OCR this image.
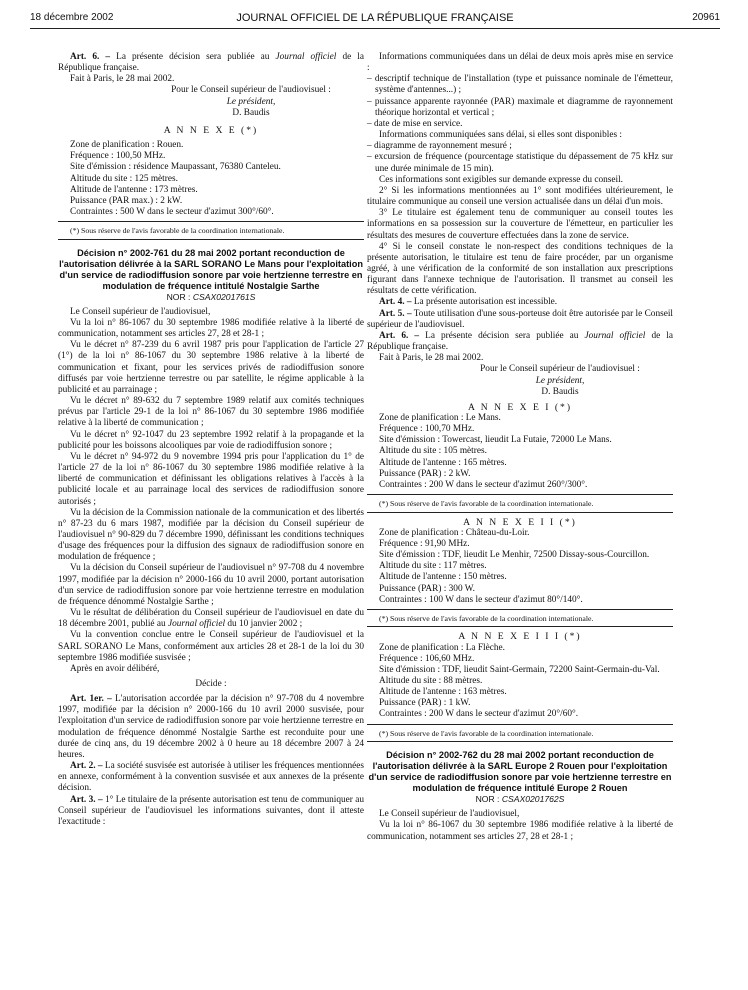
18 décembre 2002	JOURNAL OFFICIEL DE LA RÉPUBLIQUE FRANÇAISE	20961

Art. 6. – La présente décision sera publiée au Journal officiel de la République française.

Fait à Paris, le 28 mai 2002.

Pour le Conseil supérieur de l'audiovisuel :

Le président,

D. Baudis

A N N E X E (*)

Zone de planification : Rouen.

Fréquence : 100,50 MHz.

Site d'émission : résidence Maupassant, 76380 Canteleu.

Altitude du site : 125 mètres.

Altitude de l'antenne : 173 mètres.

Puissance (PAR max.) : 2 kW.

Contraintes : 500 W dans le secteur d'azimut 300°/60°.

(*) Sous réserve de l'avis favorable de la coordination internationale.

Décision n° 2002-761 du 28 mai 2002 portant reconduction de l'autorisation délivrée à la SARL SORANO Le Mans pour l'exploitation d'un service de radiodiffusion sonore par voie hertzienne terrestre en modulation de fréquence intitulé Nostalgie Sarthe

NOR : CSAX0201761S

Le Conseil supérieur de l'audiovisuel,

Vu la loi n° 86-1067 du 30 septembre 1986 modifiée relative à la liberté de communication, notamment ses articles 27, 28 et 28-1 ;

Vu le décret n° 87-239 du 6 avril 1987 pris pour l'application de l'article 27 (1°) de la loi n° 86-1067 du 30 septembre 1986 relative à la liberté de communication et fixant, pour les services privés de radiodiffusion sonore diffusés par voie hertzienne terrestre ou par satellite, le régime applicable à la publicité et au parrainage ;

Vu le décret n° 89-632 du 7 septembre 1989 relatif aux comités techniques prévus par l'article 29-1 de la loi n° 86-1067 du 30 septembre 1986 modifiée relative à la liberté de communication ;

Vu le décret n° 92-1047 du 23 septembre 1992 relatif à la propagande et la publicité pour les boissons alcooliques par voie de radiodiffusion sonore ;

Vu le décret n° 94-972 du 9 novembre 1994 pris pour l'application du 1° de l'article 27 de la loi n° 86-1067 du 30 septembre 1986 modifiée relative à la liberté de communication et définissant les obligations relatives à l'accès à la publicité locale et au parrainage local des services de radiodiffusion sonore autorisés ;

Vu la décision de la Commission nationale de la communication et des libertés n° 87-23 du 6 mars 1987, modifiée par la décision du Conseil supérieur de l'audiovisuel n° 90-829 du 7 décembre 1990, définissant les conditions techniques d'usage des fréquences pour la diffusion des signaux de radiodiffusion sonore en modulation de fréquence ;

Vu la décision du Conseil supérieur de l'audiovisuel n° 97-708 du 4 novembre 1997, modifiée par la décision n° 2000-166 du 10 avril 2000, portant autorisation d'un service de radiodiffusion sonore par voie hertzienne terrestre en modulation de fréquence dénommé Nostalgie Sarthe ;

Vu le résultat de délibération du Conseil supérieur de l'audiovisuel en date du 18 décembre 2001, publié au Journal officiel du 10 janvier 2002 ;

Vu la convention conclue entre le Conseil supérieur de l'audiovisuel et la SARL SORANO Le Mans, conformément aux articles 28 et 28-1 de la loi du 30 septembre 1986 modifiée susvisée ;

Après en avoir délibéré,

Décide :

Art. 1er. – L'autorisation accordée par la décision n° 97-708 du 4 novembre 1997, modifiée par la décision n° 2000-166 du 10 avril 2000 susvisée, pour l'exploitation d'un service de radiodiffusion sonore par voie hertzienne terrestre en modulation de fréquence dénommé Nostalgie Sarthe est reconduite pour une durée de cinq ans, du 19 décembre 2002 à 0 heure au 18 décembre 2007 à 24 heures.

Art. 2. – La société susvisée est autorisée à utiliser les fréquences mentionnées en annexe, conformément à la convention susvisée et aux annexes de la présente décision.

Art. 3. – 1° Le titulaire de la présente autorisation est tenu de communiquer au Conseil supérieur de l'audiovisuel les informations suivantes, dont il atteste l'exactitude :

Informations communiquées dans un délai de deux mois après mise en service :

– descriptif technique de l'installation (type et puissance nominale de l'émetteur, système d'antennes...) ;

– puissance apparente rayonnée (PAR) maximale et diagramme de rayonnement théorique horizontal et vertical ;

– date de mise en service.

Informations communiquées sans délai, si elles sont disponibles :

– diagramme de rayonnement mesuré ;

– excursion de fréquence (pourcentage statistique du dépassement de 75 kHz sur une durée minimale de 15 min).

Ces informations sont exigibles sur demande expresse du conseil.

2° Si les informations mentionnées au 1° sont modifiées ultérieurement, le titulaire communique au conseil une version actualisée dans un délai d'un mois.

3° Le titulaire est également tenu de communiquer au conseil toutes les informations en sa possession sur la couverture de l'émetteur, en particulier les résultats des mesures de couverture effectuées dans la zone de service.

4° Si le conseil constate le non-respect des conditions techniques de la présente autorisation, le titulaire est tenu de faire procéder, par un organisme agréé, à une vérification de la conformité de son installation aux prescriptions figurant dans l'annexe technique de l'autorisation. Il transmet au conseil les résultats de cette vérification.

Art. 4. – La présente autorisation est incessible.

Art. 5. – Toute utilisation d'une sous-porteuse doit être autorisée par le Conseil supérieur de l'audiovisuel.

Art. 6. – La présente décision sera publiée au Journal officiel de la République française.

Fait à Paris, le 28 mai 2002.

Pour le Conseil supérieur de l'audiovisuel :

Le président,

D. Baudis

A N N E X E I (*)

Zone de planification : Le Mans.

Fréquence : 100,70 MHz.

Site d'émission : Towercast, lieudit La Futaie, 72000 Le Mans.

Altitude du site : 105 mètres.

Altitude de l'antenne : 165 mètres.

Puissance (PAR) : 2 kW.

Contraintes : 200 W dans le secteur d'azimut 260°/300°.

(*) Sous réserve de l'avis favorable de la coordination internationale.

A N N E X E I I (*)

Zone de planification : Château-du-Loir.

Fréquence : 91,90 MHz.

Site d'émission : TDF, lieudit Le Menhir, 72500 Dissay-sous-Courcillon.

Altitude du site : 117 mètres.

Altitude de l'antenne : 150 mètres.

Puissance (PAR) : 300 W.

Contraintes : 100 W dans le secteur d'azimut 80°/140°.

(*) Sous réserve de l'avis favorable de la coordination internationale.

A N N E X E I I I (*)

Zone de planification : La Flèche.

Fréquence : 106,60 MHz.

Site d'émission : TDF, lieudit Saint-Germain, 72200 Saint-Germain-du-Val.

Altitude du site : 88 mètres.

Altitude de l'antenne : 163 mètres.

Puissance (PAR) : 1 kW.

Contraintes : 200 W dans le secteur d'azimut 20°/60°.

(*) Sous réserve de l'avis favorable de la coordination internationale.

Décision n° 2002-762 du 28 mai 2002 portant reconduction de l'autorisation délivrée à la SARL Europe 2 Rouen pour l'exploitation d'un service de radiodiffusion sonore par voie hertzienne terrestre en modulation de fréquence intitulé Europe 2 Rouen

NOR : CSAX0201762S

Le Conseil supérieur de l'audiovisuel,

Vu la loi n° 86-1067 du 30 septembre 1986 modifiée relative à la liberté de communication, notamment ses articles 27, 28 et 28-1 ;
